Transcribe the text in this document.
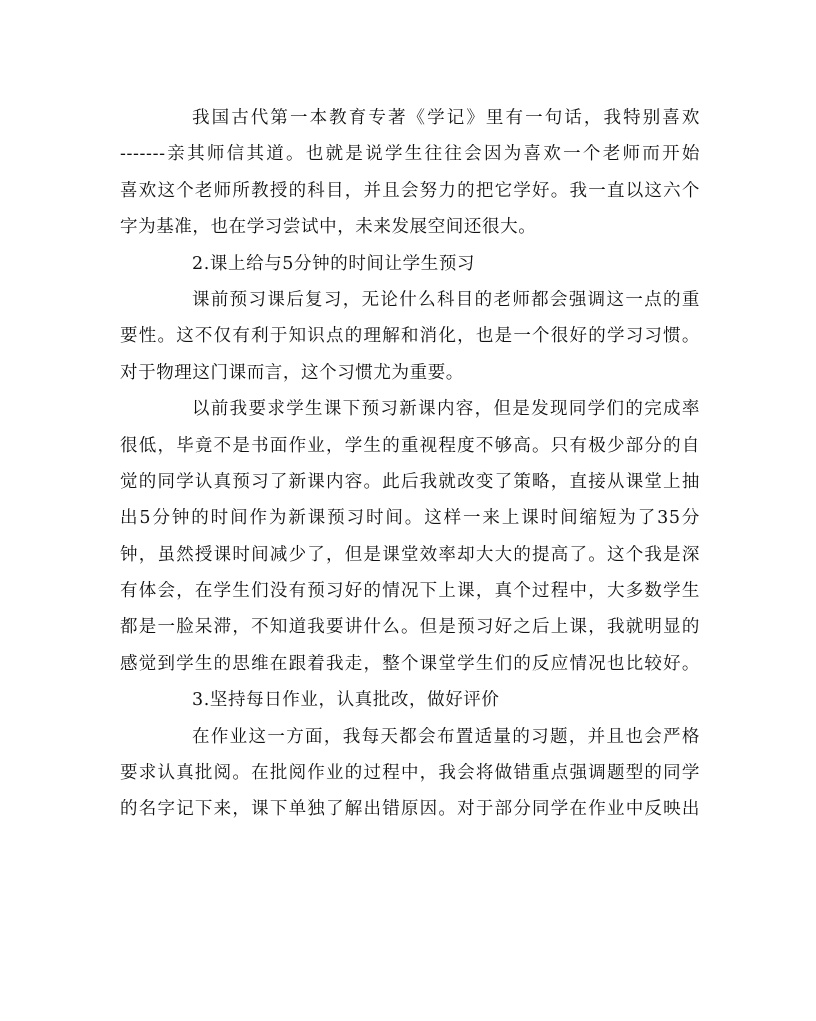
我国古代第一本教育专著《学记》里有一句话，我特别喜欢
-------亲其师信其道。也就是说学生往往会因为喜欢一个老师而开始
喜欢这个老师所教授的科目，并且会努力的把它学好。我一直以这六个
字为基准，也在学习尝试中，未来发展空间还很大。
2.课上给与5分钟的时间让学生预习
课前预习课后复习，无论什么科目的老师都会强调这一点的重
要性。这不仅有利于知识点的理解和消化，也是一个很好的学习习惯。
对于物理这门课而言，这个习惯尤为重要。
以前我要求学生课下预习新课内容，但是发现同学们的完成率
很低，毕竟不是书面作业，学生的重视程度不够高。只有极少部分的自
觉的同学认真预习了新课内容。此后我就改变了策略，直接从课堂上抽
出5分钟的时间作为新课预习时间。这样一来上课时间缩短为了35分
钟，虽然授课时间减少了，但是课堂效率却大大的提高了。这个我是深
有体会，在学生们没有预习好的情况下上课，真个过程中，大多数学生
都是一脸呆滞，不知道我要讲什么。但是预习好之后上课，我就明显的
感觉到学生的思维在跟着我走，整个课堂学生们的反应情况也比较好。
3.坚持每日作业，认真批改，做好评价
在作业这一方面，我每天都会布置适量的习题，并且也会严格
要求认真批阅。在批阅作业的过程中，我会将做错重点强调题型的同学
的名字记下来，课下单独了解出错原因。对于部分同学在作业中反映出
